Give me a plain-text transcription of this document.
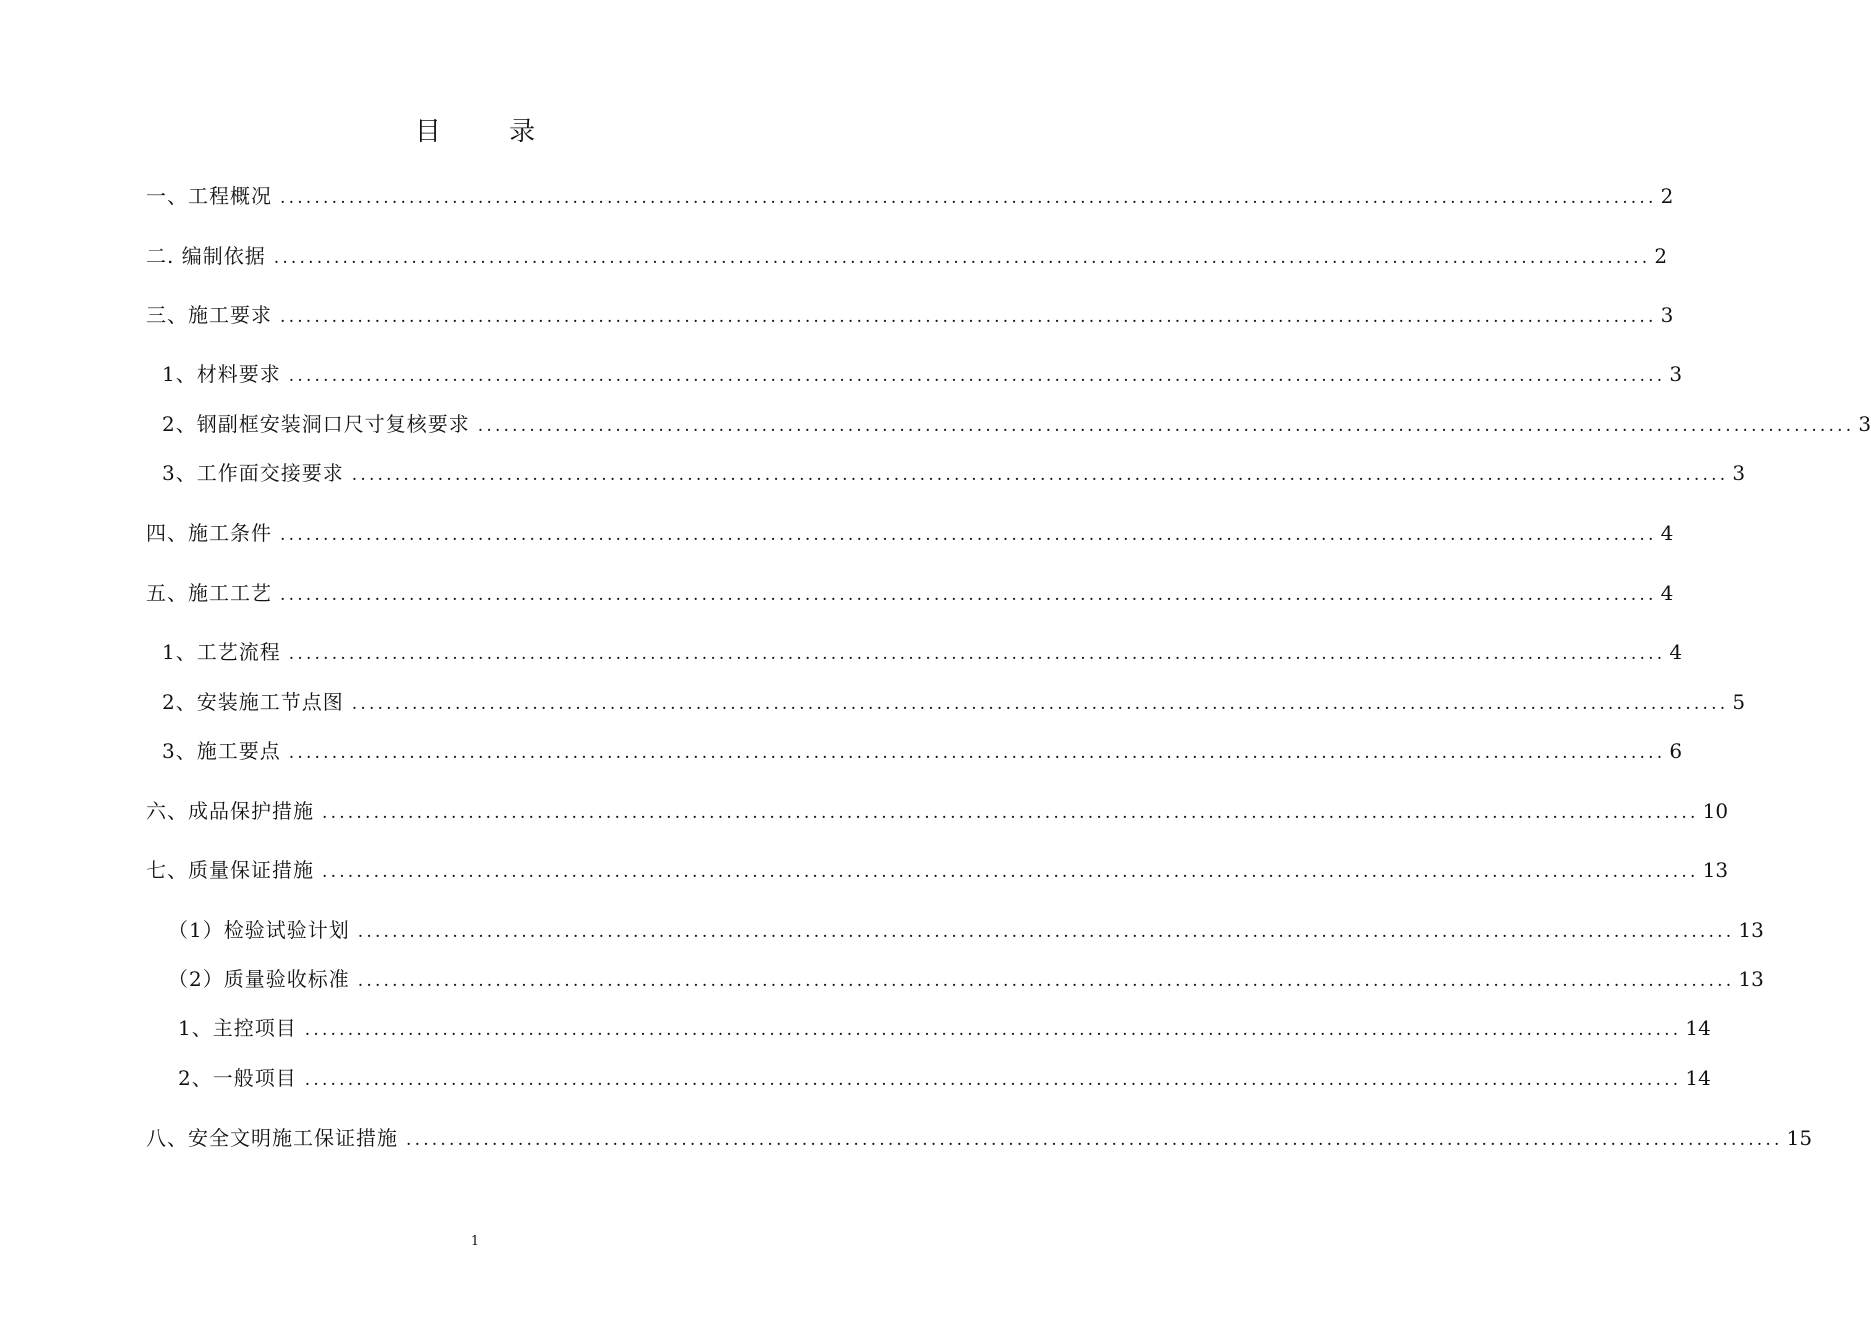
目 录
一、工程概况 ................................................................................................................................................................ 2
二. 编制依据 ................................................................................................................................................................ 2
三、施工要求 ................................................................................................................................................................ 3
1、材料要求 ................................................................................................................................................................ 3
2、钢副框安装洞口尺寸复核要求 ................................................................................................................................................................ 3
3、工作面交接要求 ................................................................................................................................................................ 3
四、施工条件 ................................................................................................................................................................ 4
五、施工工艺 ................................................................................................................................................................ 4
1、工艺流程 ................................................................................................................................................................ 4
2、安装施工节点图 ................................................................................................................................................................ 5
3、施工要点 ................................................................................................................................................................ 6
六、成品保护措施 ................................................................................................................................................................ 10
七、质量保证措施 ................................................................................................................................................................ 13
（1）检验试验计划 ................................................................................................................................................................ 13
（2）质量验收标准 ................................................................................................................................................................ 13
1、主控项目 ................................................................................................................................................................ 14
2、一般项目 ................................................................................................................................................................ 14
八、安全文明施工保证措施 ................................................................................................................................................................ 15
1
